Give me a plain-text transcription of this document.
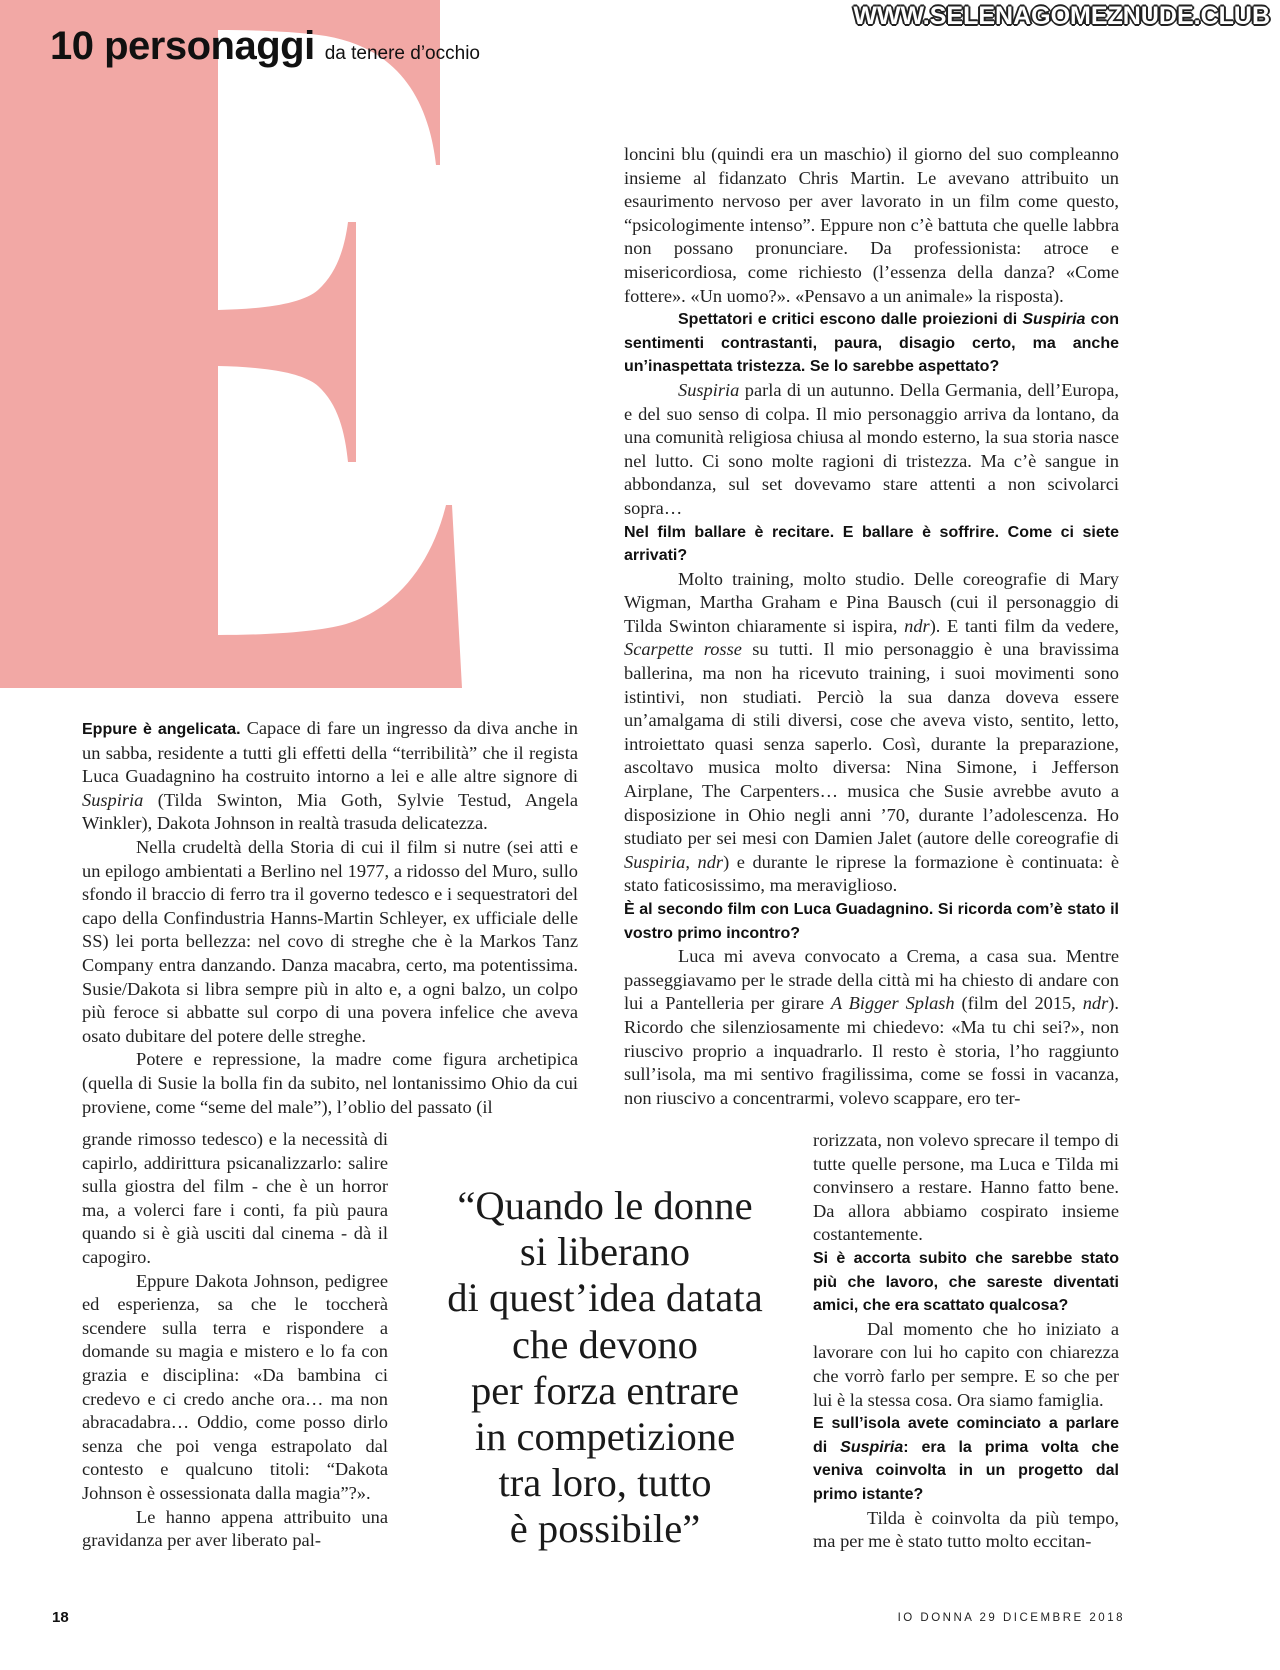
10 personaggi da tenere d’occhio
WWW.SELENAGOMEZNUDE.CLUB

Eppure è angelicata. Capace di fare un ingresso da diva anche in un sabba, residente a tutti gli effetti della “terribilità” che il regista Luca Guadagnino ha costruito intorno a lei e alle altre signore di Suspiria (Tilda Swinton, Mia Goth, Sylvie Testud, Angela Winkler), Dakota Johnson in realtà trasuda delicatezza.

Nella crudeltà della Storia di cui il film si nutre (sei atti e un epilogo ambientati a Berlino nel 1977, a ridosso del Muro, sullo sfondo il braccio di ferro tra il governo tedesco e i sequestratori del capo della Confindustria Hanns-Martin Schleyer, ex ufficiale delle SS) lei porta bellezza: nel covo di streghe che è la Markos Tanz Company entra danzando. Danza macabra, certo, ma potentissima. Susie/Dakota si libra sempre più in alto e, a ogni balzo, un colpo più feroce si abbatte sul corpo di una povera infelice che aveva osato dubitare del potere delle streghe.

Potere e repressione, la madre come figura archetipica (quella di Susie la bolla fin da subito, nel lontanissimo Ohio da cui proviene, come “seme del male”), l’oblio del passato (il

grande rimosso tedesco) e la necessità di capirlo, addirittura psicanalizzarlo: salire sulla giostra del film - che è un horror ma, a volerci fare i conti, fa più paura quando si è già usciti dal cinema - dà il capogiro.

Eppure Dakota Johnson, pedigree ed esperienza, sa che le toccherà scendere sulla terra e rispondere a domande su magia e mistero e lo fa con grazia e disciplina: «Da bambina ci credevo e ci credo anche ora… ma non abracadabra… Oddio, come posso dirlo senza che poi venga estrapolato dal contesto e qualcuno titoli: “Dakota Johnson è ossessionata dalla magia”?».

Le hanno appena attribuito una gravidanza per aver liberato pal-

loncini blu (quindi era un maschio) il giorno del suo compleanno insieme al fidanzato Chris Martin. Le avevano attribuito un esaurimento nervoso per aver lavorato in un film come questo, “psicologimente intenso”. Eppure non c’è battuta che quelle labbra non possano pronunciare. Da professionista: atroce e misericordiosa, come richiesto (l’essenza della danza? «Come fottere». «Un uomo?». «Pensavo a un animale» la risposta).

Spettatori e critici escono dalle proiezioni di Suspiria con sentimenti contrastanti, paura, disagio certo, ma anche un’inaspettata tristezza. Se lo sarebbe aspettato?

Suspiria parla di un autunno. Della Germania, dell’Europa, e del suo senso di colpa. Il mio personaggio arriva da lontano, da una comunità religiosa chiusa al mondo esterno, la sua storia nasce nel lutto. Ci sono molte ragioni di tristezza. Ma c’è sangue in abbondanza, sul set dovevamo stare attenti a non scivolarci sopra…

Nel film ballare è recitare. E ballare è soffrire. Come ci siete arrivati?

Molto training, molto studio. Delle coreografie di Mary Wigman, Martha Graham e Pina Bausch (cui il personaggio di Tilda Swinton chiaramente si ispira, ndr). E tanti film da vedere, Scarpette rosse su tutti. Il mio personaggio è una bravissima ballerina, ma non ha ricevuto training, i suoi movimenti sono istintivi, non studiati. Perciò la sua danza doveva essere un’amalgama di stili diversi, cose che aveva visto, sentito, letto, introiettato quasi senza saperlo. Così, durante la preparazione, ascoltavo musica molto diversa: Nina Simone, i Jefferson Airplane, The Carpenters… musica che Susie avrebbe avuto a disposizione in Ohio negli anni ’70, durante l’adolescenza. Ho studiato per sei mesi con Damien Jalet (autore delle coreografie di Suspiria, ndr) e durante le riprese la formazione è continuata: è stato faticosissimo, ma meraviglioso.

È al secondo film con Luca Guadagnino. Si ricorda com’è stato il vostro primo incontro?

Luca mi aveva convocato a Crema, a casa sua. Mentre passeggiavamo per le strade della città mi ha chiesto di andare con lui a Pantelleria per girare A Bigger Splash (film del 2015, ndr). Ricordo che silenziosamente mi chiedevo: «Ma tu chi sei?», non riuscivo proprio a inquadrarlo. Il resto è storia, l’ho raggiunto sull’isola, ma mi sentivo fragilissima, come se fossi in vacanza, non riuscivo a concentrarmi, volevo scappare, ero ter-

rorizzata, non volevo sprecare il tempo di tutte quelle persone, ma Luca e Tilda mi convinsero a restare. Hanno fatto bene. Da allora abbiamo cospirato insieme costantemente.

Si è accorta subito che sarebbe stato più che lavoro, che sareste diventati amici, che era scattato qualcosa?

Dal momento che ho iniziato a lavorare con lui ho capito con chiarezza che vorrò farlo per sempre. E so che per lui è la stessa cosa. Ora siamo famiglia.

E sull’isola avete cominciato a parlare di Suspiria: era la prima volta che veniva coinvolta in un progetto dal primo istante?

Tilda è coinvolta da più tempo, ma per me è stato tutto molto eccitan-

“Quando le donne
si liberano
di quest’idea datata
che devono
per forza entrare
in competizione
tra loro, tutto
è possibile”
18	IO DONNA 29 DICEMBRE 2018
